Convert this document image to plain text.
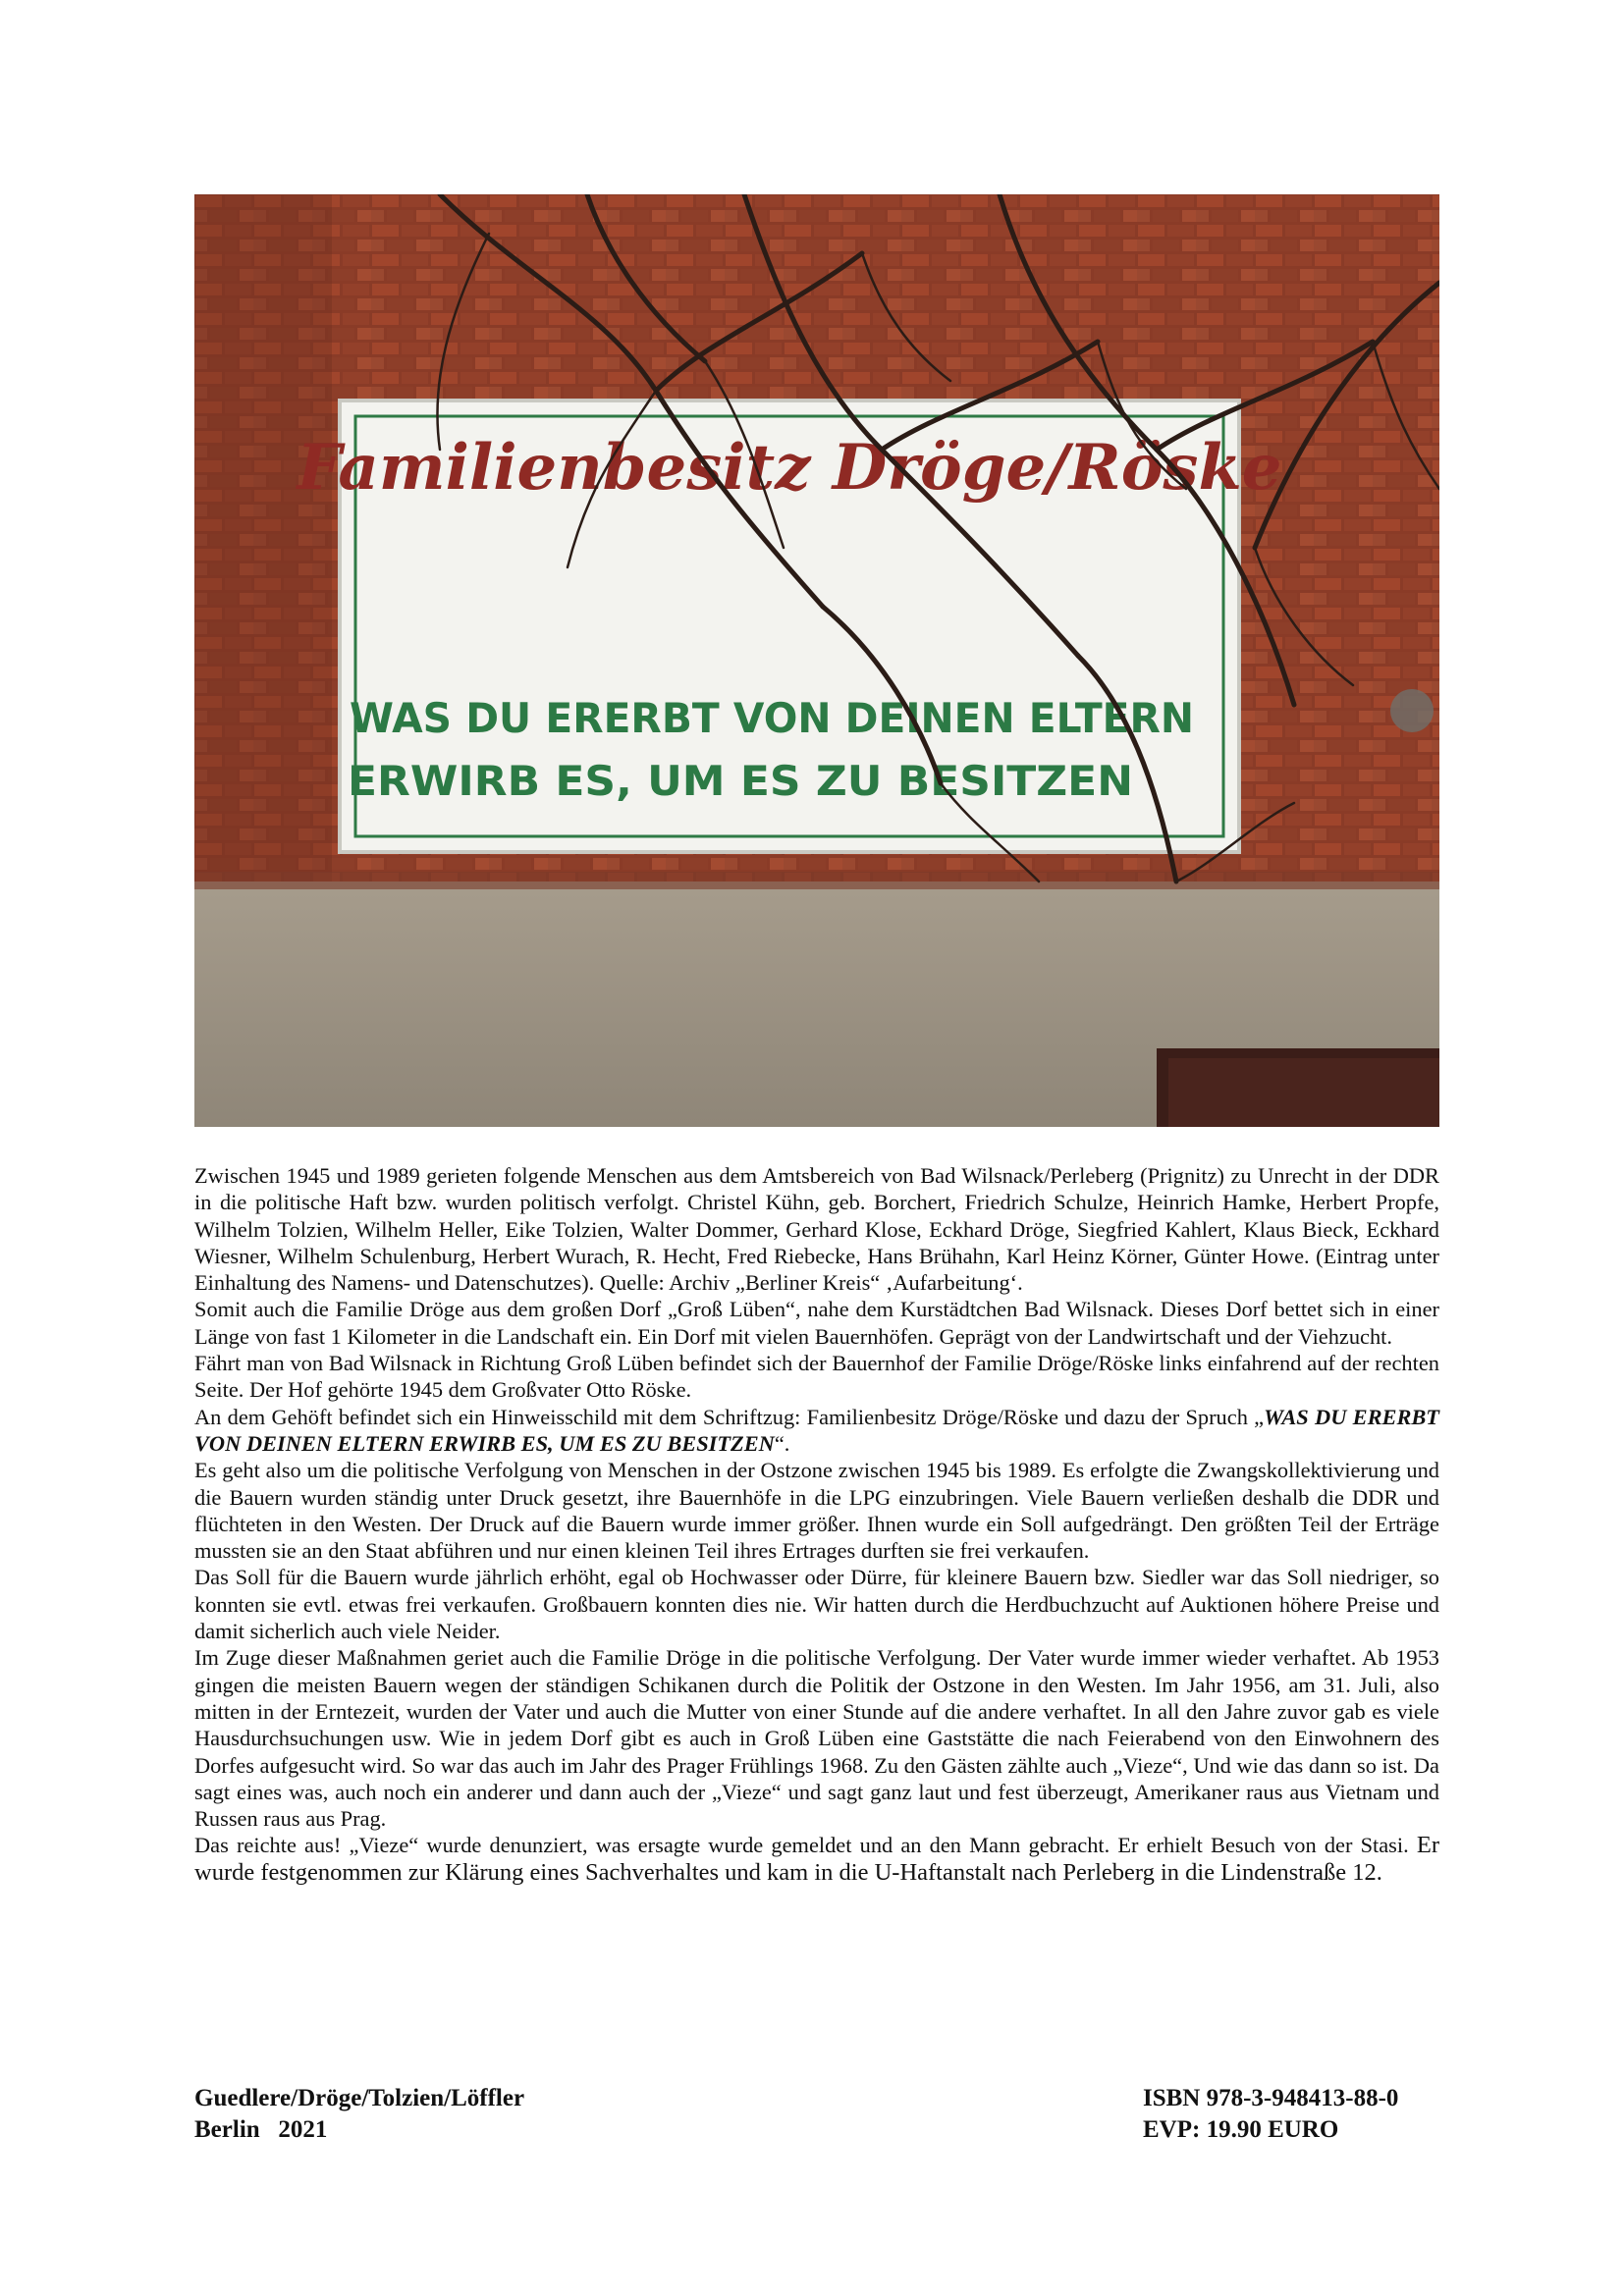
Familienbesitz Dröge/Röske
WAS DU ERERBT VON DEINEN ELTERN
ERWIRB ES, UM ES ZU BESITZEN

Zwischen 1945 und 1989 gerieten folgende Menschen aus dem Amtsbereich von Bad Wilsnack/Perleberg (Prignitz) zu Unrecht in der DDR in die politische Haft bzw. wurden politisch verfolgt. Christel Kühn, geb. Borchert, Friedrich Schulze, Heinrich Hamke, Herbert Propfe, Wilhelm Tolzien, Wilhelm Heller, Eike Tolzien, Walter Dommer, Gerhard Klose, Eckhard Dröge, Siegfried Kahlert, Klaus Bieck, Eckhard Wiesner, Wilhelm Schulenburg, Herbert Wurach, R. Hecht, Fred Riebecke, Hans Brühahn, Karl Heinz Körner, Günter Howe. (Eintrag unter Einhaltung des Namens- und Datenschutzes). Quelle: Archiv „Berliner Kreis“ ‚Aufarbeitung‘.

Somit auch die Familie Dröge aus dem großen Dorf „Groß Lüben“, nahe dem Kurstädtchen Bad Wilsnack. Dieses Dorf bettet sich in einer Länge von fast 1 Kilometer in die Landschaft ein. Ein Dorf mit vielen Bauernhöfen. Geprägt von der Landwirtschaft und der Viehzucht.

Fährt man von Bad Wilsnack in Richtung Groß Lüben befindet sich der Bauernhof der Familie Dröge/Röske links einfahrend auf der rechten Seite. Der Hof gehörte 1945 dem Großvater Otto Röske.

An dem Gehöft befindet sich ein Hinweisschild mit dem Schriftzug: Familienbesitz Dröge/Röske und dazu der Spruch „WAS DU ERERBT VON DEINEN ELTERN ERWIRB ES, UM ES ZU BESITZEN“.

Es geht also um die politische Verfolgung von Menschen in der Ostzone zwischen 1945 bis 1989. Es erfolgte die Zwangskollektivierung und die Bauern wurden ständig unter Druck gesetzt, ihre Bauernhöfe in die LPG einzubringen. Viele Bauern verließen deshalb die DDR und flüchteten in den Westen. Der Druck auf die Bauern wurde immer größer. Ihnen wurde ein Soll aufgedrängt. Den größten Teil der Erträge mussten sie an den Staat abführen und nur einen kleinen Teil ihres Ertrages durften sie frei verkaufen.

Das Soll für die Bauern wurde jährlich erhöht, egal ob Hochwasser oder Dürre, für kleinere Bauern bzw. Siedler war das Soll niedriger, so konnten sie evtl. etwas frei verkaufen. Großbauern konnten dies nie. Wir hatten durch die Herdbuchzucht auf Auktionen höhere Preise und damit sicherlich auch viele Neider.

Im Zuge dieser Maßnahmen geriet auch die Familie Dröge in die politische Verfolgung. Der Vater wurde immer wieder verhaftet. Ab 1953 gingen die meisten Bauern wegen der ständigen Schikanen durch die Politik der Ostzone in den Westen. Im Jahr 1956, am 31. Juli, also mitten in der Erntezeit, wurden der Vater und auch die Mutter von einer Stunde auf die andere verhaftet. In all den Jahre zuvor gab es viele Hausdurchsuchungen usw. Wie in jedem Dorf gibt es auch in Groß Lüben eine Gaststätte die nach Feierabend von den Einwohnern des Dorfes aufgesucht wird. So war das auch im Jahr des Prager Frühlings 1968. Zu den Gästen zählte auch „Vieze“, Und wie das dann so ist. Da sagt eines was, auch noch ein anderer und dann auch der „Vieze“ und sagt ganz laut und fest überzeugt, Amerikaner raus aus Vietnam und Russen raus aus Prag.

Das reichte aus! „Vieze“ wurde denunziert, was ersagte wurde gemeldet und an den Mann gebracht. Er erhielt Besuch von der Stasi. Er wurde festgenommen zur Klärung eines Sachverhaltes und kam in die U-Haftanstalt nach Perleberg in die Lindenstraße 12.

Guedlere/Dröge/Tolzien/Löffler
Berlin   2021
ISBN 978-3-948413-88-0
EVP: 19.90 EURO
